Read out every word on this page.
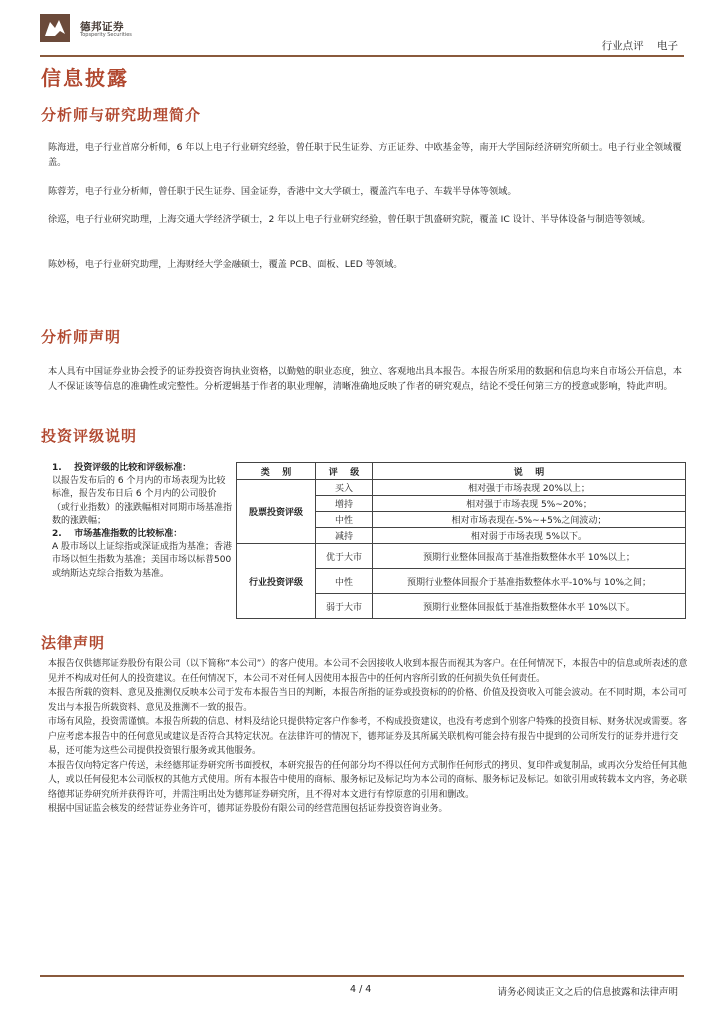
德邦证券
Topsperity Securities
行业点评    电子
信息披露
分析师与研究助理简介
陈海进，电子行业首席分析师，6 年以上电子行业研究经验，曾任职于民生证券、方正证券、中欧基金等，南开大学国际经济研究所硕士。电子行业全领域覆盖。
陈蓉芳，电子行业分析师，曾任职于民生证券、国金证券，香港中文大学硕士，覆盖汽车电子、车载半导体等领域。
徐巡，电子行业研究助理，上海交通大学经济学硕士，2 年以上电子行业研究经验，曾任职于凯盛研究院，覆盖 IC 设计、半导体设备与制造等领域。
陈妙杨，电子行业研究助理，上海财经大学金融硕士，覆盖 PCB、面板、LED 等领域。
分析师声明
本人具有中国证券业协会授予的证券投资咨询执业资格，以勤勉的职业态度，独立、客观地出具本报告。本报告所采用的数据和信息均来自市场公开信息，本人不保证该等信息的准确性或完整性。分析逻辑基于作者的职业理解，清晰准确地反映了作者的研究观点，结论不受任何第三方的授意或影响，特此声明。
投资评级说明
1.    投资评级的比较和评级标准：
以报告发布后的 6 个月内的市场表现为比较标准，报告发布日后 6 个月内的公司股价（或行业指数）的涨跌幅相对同期市场基准指数的涨跌幅；
2.    市场基准指数的比较标准：
A 股市场以上证综指或深证成指为基准；香港市场以恒生指数为基准；美国市场以标普500或纳斯达克综合指数为基准。
类    别	评    级	说    明
股票投资评级	买入	相对强于市场表现 20%以上；
	增持	相对强于市场表现 5%~20%；
	中性	相对市场表现在-5%~+5%之间波动；
	减持	相对弱于市场表现 5%以下。
行业投资评级	优于大市	预期行业整体回报高于基准指数整体水平 10%以上；
	中性	预期行业整体回报介于基准指数整体水平-10%与 10%之间；
	弱于大市	预期行业整体回报低于基准指数整体水平 10%以下。
法律声明

本报告仅供德邦证券股份有限公司（以下简称“本公司”）的客户使用。本公司不会因接收人收到本报告而视其为客户。在任何情况下，本报告中的信息或所表述的意见并不构成对任何人的投资建议。在任何情况下，本公司不对任何人因使用本报告中的任何内容所引致的任何损失负任何责任。

本报告所载的资料、意见及推测仅反映本公司于发布本报告当日的判断，本报告所指的证券或投资标的的价格、价值及投资收入可能会波动。在不同时期，本公司可发出与本报告所载资料、意见及推测不一致的报告。

市场有风险，投资需谨慎。本报告所载的信息、材料及结论只提供特定客户作参考，不构成投资建议，也没有考虑到个别客户特殊的投资目标、财务状况或需要。客户应考虑本报告中的任何意见或建议是否符合其特定状况。在法律许可的情况下，德邦证券及其所属关联机构可能会持有报告中提到的公司所发行的证券并进行交易，还可能为这些公司提供投资银行服务或其他服务。

本报告仅向特定客户传送，未经德邦证券研究所书面授权，本研究报告的任何部分均不得以任何方式制作任何形式的拷贝、复印件或复制品，或再次分发给任何其他人，或以任何侵犯本公司版权的其他方式使用。所有本报告中使用的商标、服务标记及标记均为本公司的商标、服务标记及标记。如欲引用或转载本文内容，务必联络德邦证券研究所并获得许可，并需注明出处为德邦证券研究所，且不得对本文进行有悖原意的引用和删改。

根据中国证监会核发的经营证券业务许可，德邦证券股份有限公司的经营范围包括证券投资咨询业务。

4 / 4	请务必阅读正文之后的信息披露和法律声明
